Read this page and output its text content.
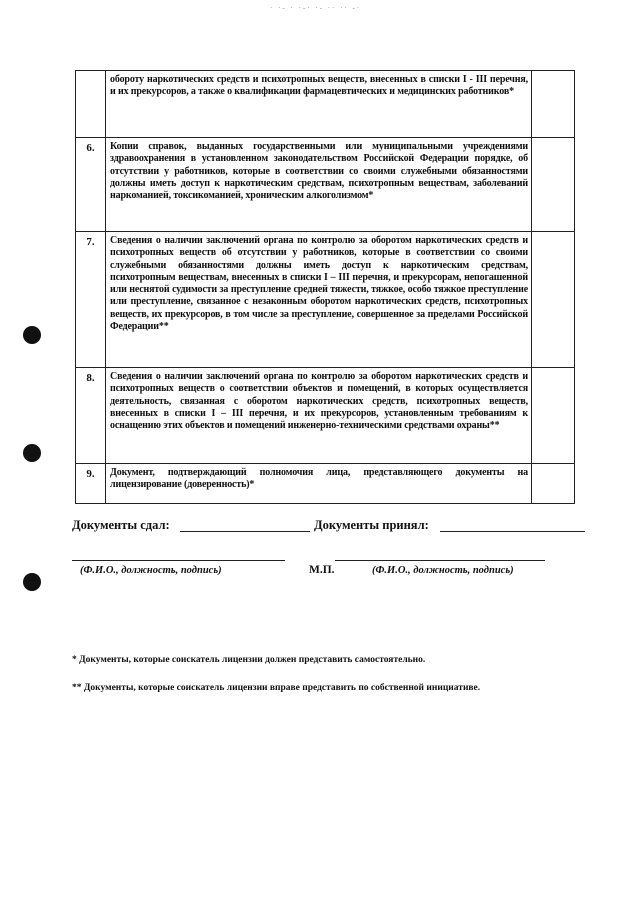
· ·- · ·-· ·- ·· ·· -·
	обороту наркотических средств и психотропных веществ, внесенных в списки I - III перечня, и их прекурсоров, а также о квалификации фармацевтических и медицинских работников*	
6.	Копии справок, выданных государственными или муниципальными учреждениями здравоохранения в установленном законодательством Российской Федерации порядке, об отсутствии у работников, которые в соответствии со своими служебными обязанностями должны иметь доступ к наркотическим средствам, психотропным веществам, заболеваний наркоманией, токсикоманией, хроническим алкоголизмом*	
7.	Сведения о наличии заключений органа по контролю за оборотом наркотических средств и психотропных веществ об отсутствии у работников, которые в соответствии со своими служебными обязанностями должны иметь доступ к наркотическим средствам, психотропным веществам, внесенных в списки I – III перечня, и прекурсорам, непогашенной или неснятой судимости за преступление средней тяжести, тяжкое, особо тяжкое преступление или преступление, связанное с незаконным оборотом наркотических средств, психотропных веществ, их прекурсоров, в том числе за преступление, совершенное за пределами Российской Федерации**	
8.	Сведения о наличии заключений органа по контролю за оборотом наркотических средств и психотропных веществ о соответствии объектов и помещений, в которых осуществляется деятельность, связанная с оборотом наркотических средств, психотропных веществ, внесенных в списки I – III перечня, и их прекурсоров, установленным требованиям к оснащению этих объектов и помещений инженерно-техническими средствами охраны**	
9.	Документ, подтверждающий полномочия лица, представляющего документы на лицензирование (доверенность)*	
Документы сдал:	Документы принял:
(Ф.И.О., должность, подпись)	М.П.	(Ф.И.О., должность, подпись)
* Документы, которые соискатель лицензии должен представить самостоятельно.
** Документы, которые соискатель лицензии вправе представить по собственной инициативе.
